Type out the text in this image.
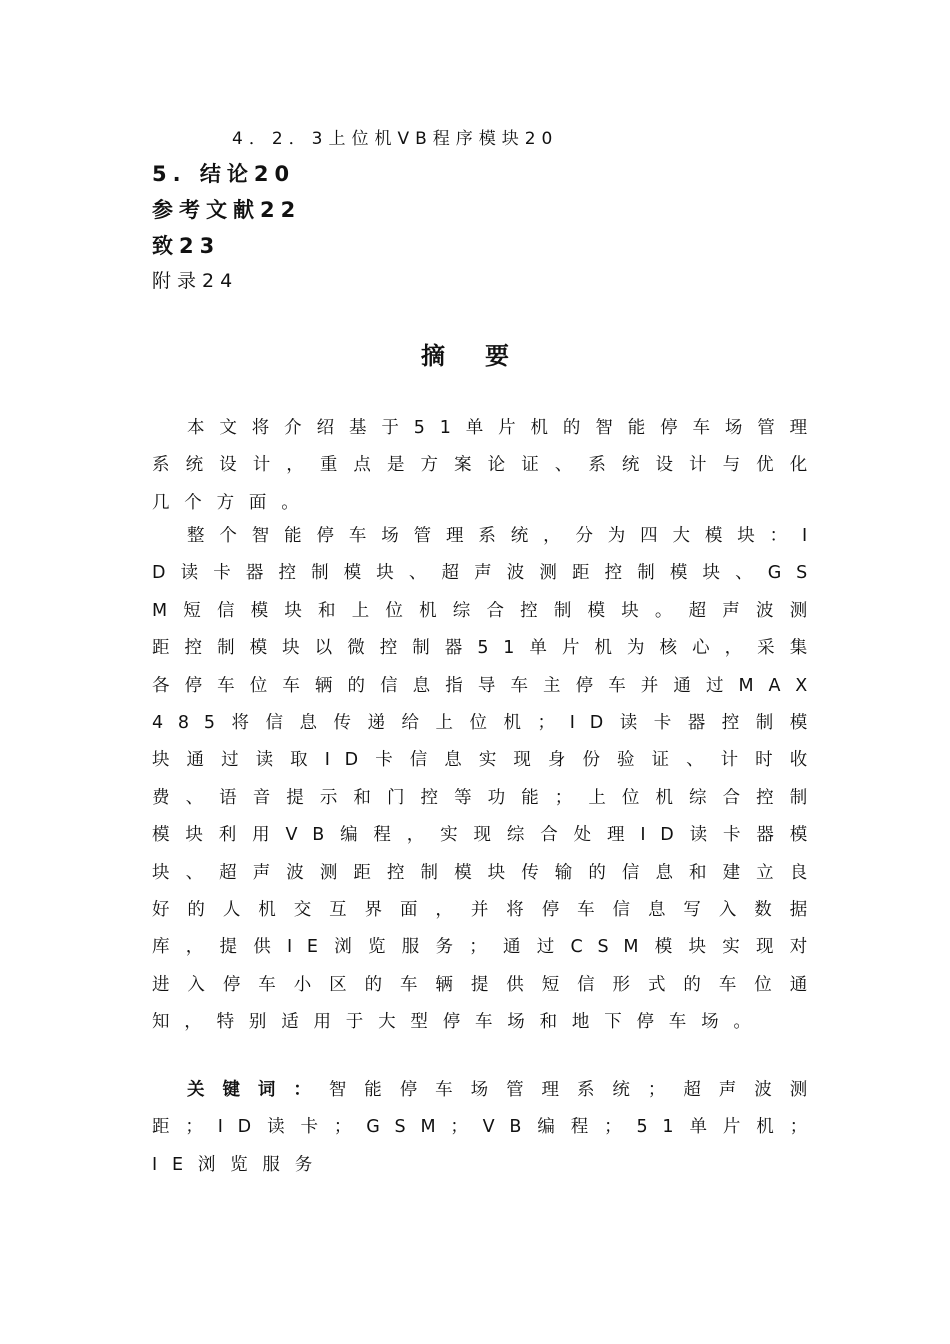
4．2．3上位机VB程序模块20
5. 结论20
参考文献22
致23
附录24
摘要
本文将介绍基于51单片机的智能停车场管理系统设计，重点是方案论证、系统设计与优化几个方面。
整个智能停车场管理系统，分为四大模块：ID读卡器控制模块、超声波测距控制模块、GSM短信模块和上位机综合控制模块。超声波测距控制模块以微控制器51单片机为核心，采集各停车位车辆的信息指导车主停车并通过MAX485将信息传递给上位机；ID读卡器控制模块通过读取ID卡信息实现身份验证、计时收费、语音提示和门控等功能；上位机综合控制模块利用VB编程，实现综合处理ID读卡器模块、超声波测距控制模块传输的信息和建立良好的人机交互界面，并将停车信息写入数据库，提供IE浏览服务；通过CSM模块实现对进入停车小区的车辆提供短信形式的车位通知，特别适用于大型停车场和地下停车场。
关键词：智能停车场管理系统；超声波测距；ID读卡；GSM；VB编程；51单片机；IE浏览服务
